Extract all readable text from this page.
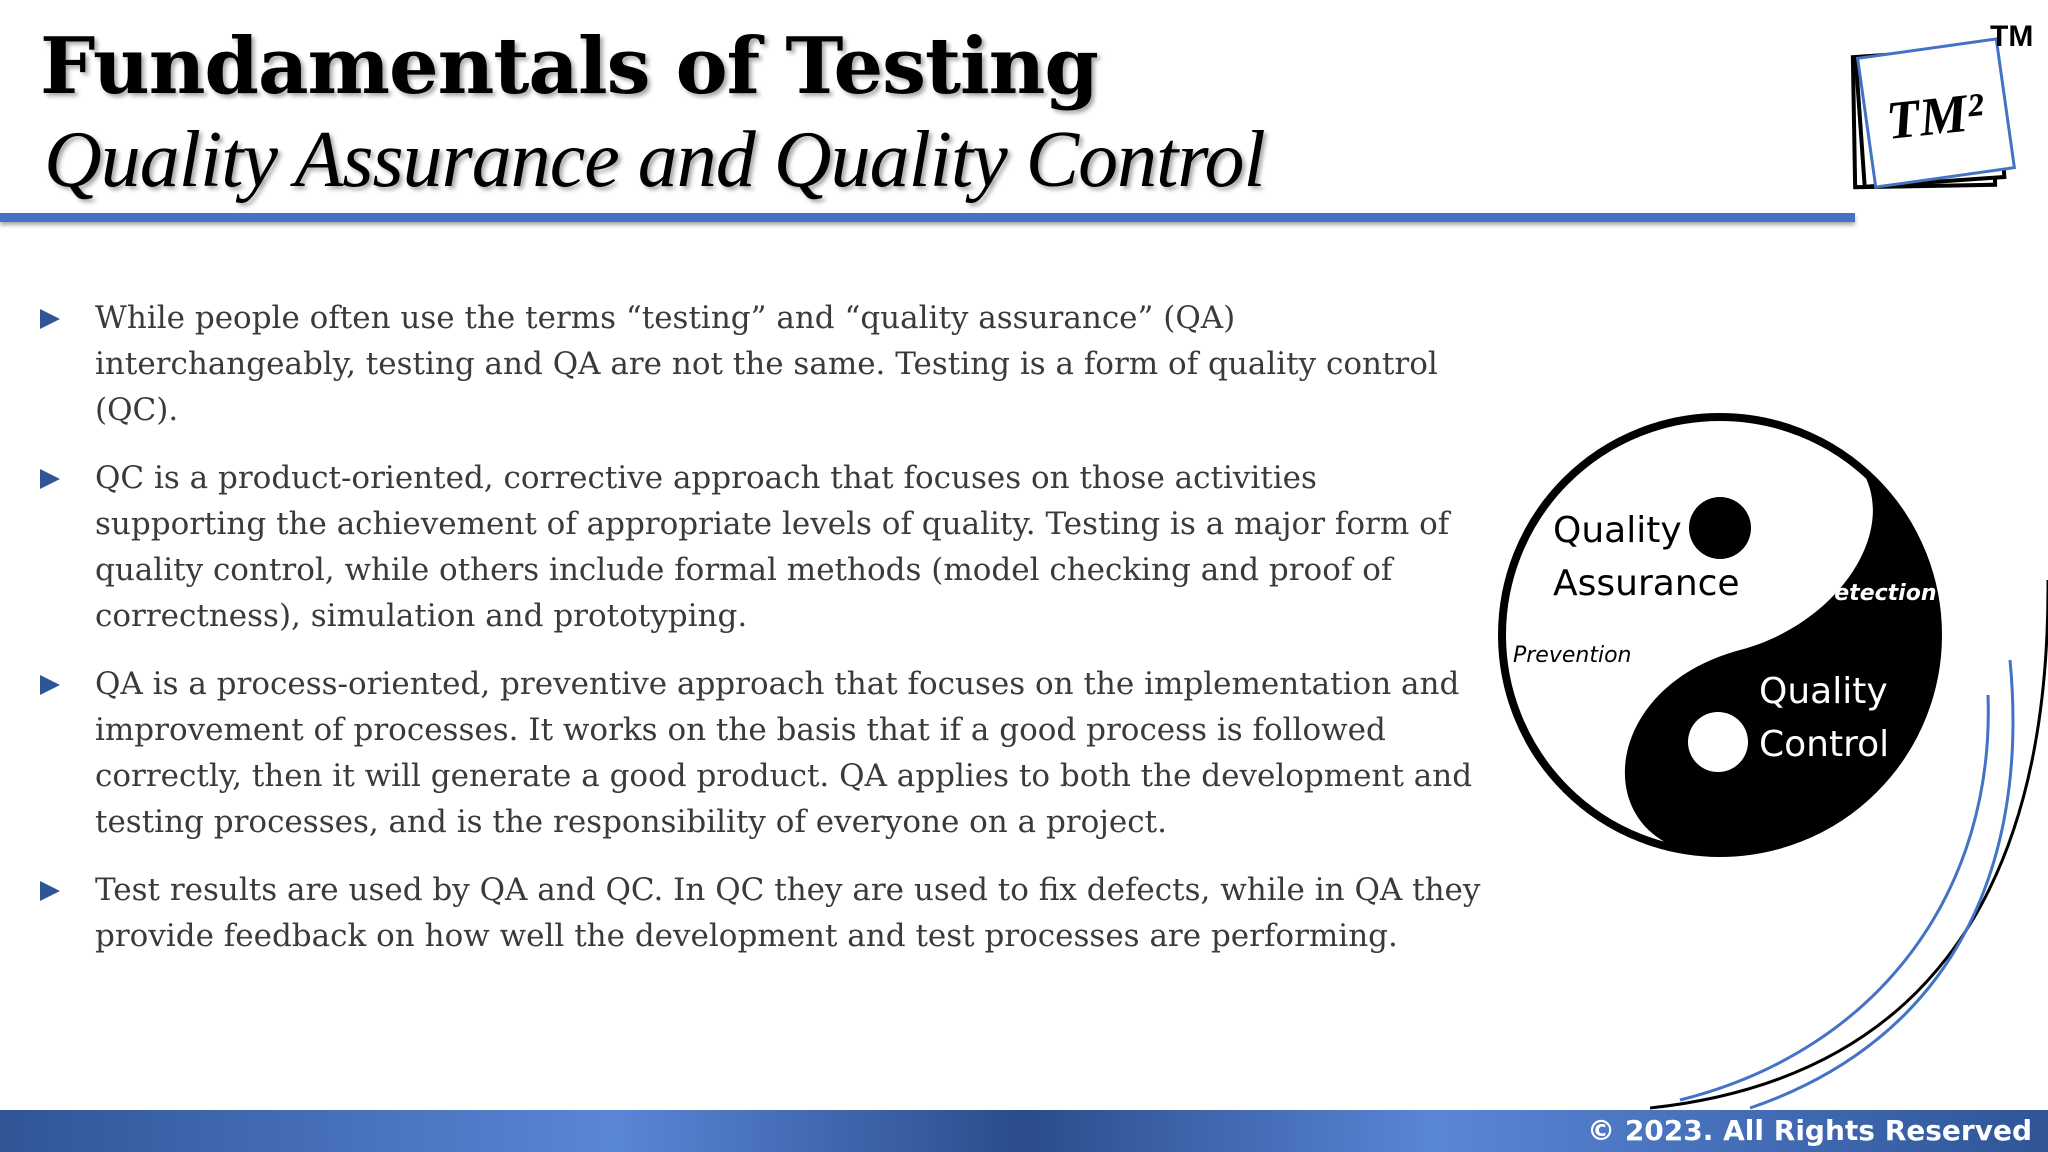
Fundamentals of Testing
Quality Assurance and Quality Control	TM²
TM
While people often use the terms “testing” and “quality assurance” (QA) interchangeably, testing and QA are not the same. Testing is a form of quality control (QC).
QC is a product-oriented, corrective approach that focuses on those activities supporting the achievement of appropriate levels of quality. Testing is a major form of quality control, while others include formal methods (model checking and proof of correctness), simulation and prototyping.
QA is a process-oriented, preventive approach that focuses on the implementation and improvement of processes. It works on the basis that if a good process is followed correctly, then it will generate a good product. QA applies to both the development and testing processes, and is the responsibility of everyone on a project.
Test results are used by QA and QC. In QC they are used to fix defects, while in QA they provide feedback on how well the development and test processes are performing.
Quality
Assurance
Quality
Control
Prevention
Detection
© 2023. All Rights Reserved
